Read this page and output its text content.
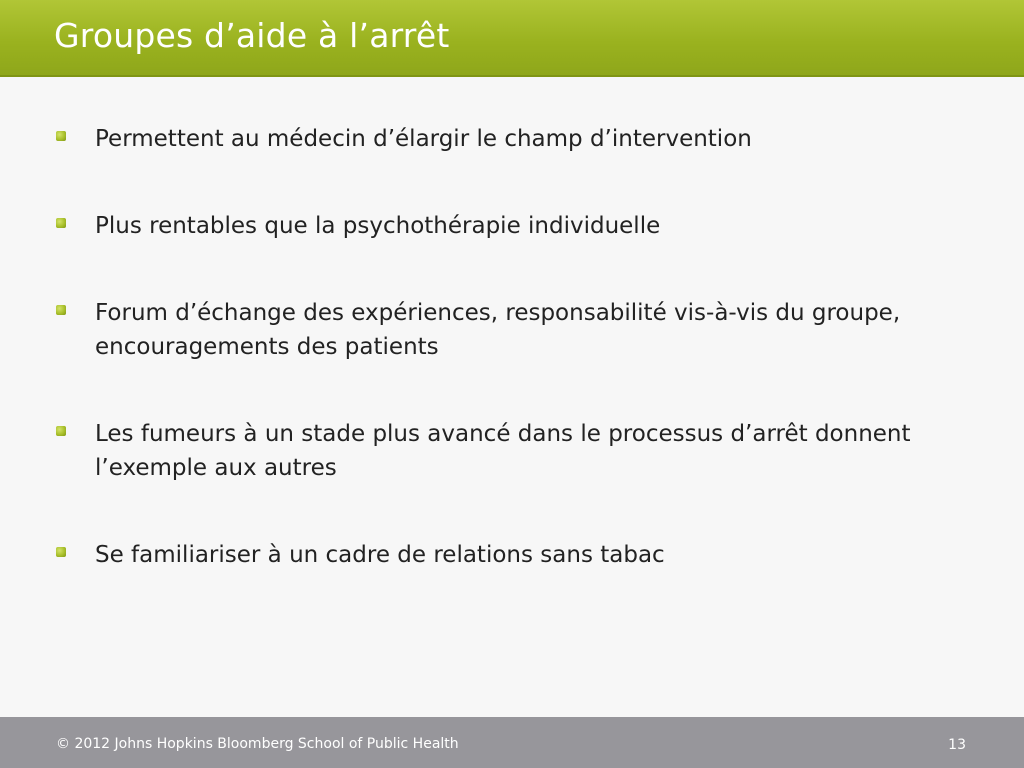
Groupes d’aide à l’arrêt
Permettent au médecin d’élargir le champ d’intervention
Plus rentables que la psychothérapie individuelle
Forum d’échange des expériences, responsabilité vis-à-vis du groupe, encouragements des patients
Les fumeurs à un stade plus avancé dans le processus d’arrêt donnent l’exemple aux autres
Se familiariser à un cadre de relations sans tabac
© 2012 Johns Hopkins Bloomberg School of Public Health	13
